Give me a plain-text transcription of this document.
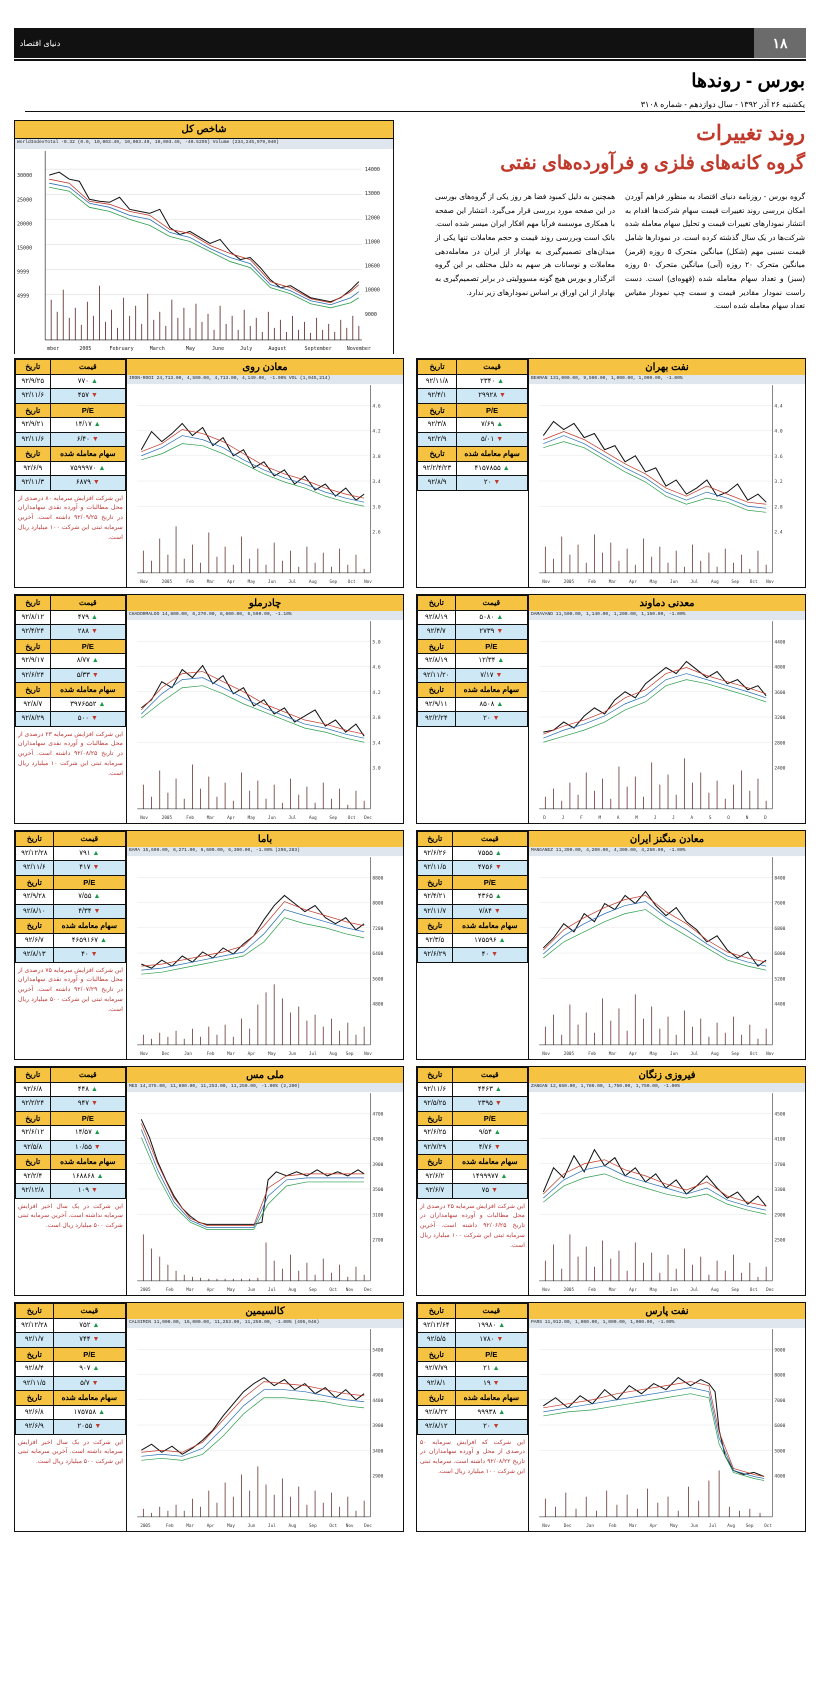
دنیای اقتصاد	۱۸
بورس - روندها
یکشنبه ۲۶ آذر ۱۳۹۲ - سال دوازدهم - شماره ۳۱۰۸
روند تغییرات
گروه کانه‌های فلزی و فرآورده‌های نفتی
گروه بورس - روزنامه دنیای اقتصاد به منظور فراهم آوردن امکان بررسی روند تغییرات قیمت سهام شرکت‌ها اقدام به انتشار نمودارهای تغییرات قیمت و تحلیل سهام معامله شده شرکت‌ها در یک سال گذشته کرده است. در نمودارها شامل قیمت نسبی مهم (شکل) میانگین متحرک ۵ روزه (قرمز) میانگین متحرک ۲۰ روزه (آبی) میانگین متحرک ۵۰ روزه (سبز) و تعداد سهام معامله شده (قهوه‌ای) است. دست راست نمودار مقادیر قیمت و سمت چپ نمودار مقیاس تعداد سهام معامله شده است.
همچنین به دلیل کمبود فضا هر روز یکی از گروه‌های بورسی در این صفحه مورد بررسی قرار می‌گیرد. انتشار این صفحه با همکاری موسسه فرآیا مهم افکار ایران میسر شده است. بانک است وبررسی روند قیمت و حجم معاملات تنها یکی از میدان‌های تصمیم‌گیری به بهادار از ایران در معامله‌دهی معاملات و نوسانات هر سهم به دلیل مختلف بر این گروه اثرگذار و بورس هیچ گونه مسوولیتی در برابر تصمیم‌گیری به بهادار از این اوراق بر اساس نمودارهای زیر ندارد.
شاخص کل
WorldIndexTotal -0.32 (0.0, 10,003.49, 10,003.49, 10,003.49, -40.5295) Volume (234,245,979,040)
30000
25000
20000
15000
9999
4999
14000
13000
12000
11000
10600
10000
9000
mber	2005	February	March	May	June	July	August	September	November
قیمت	تاریخ
▲ ۲۳۴۰	۹۲/۱۱/۸
▼ ۲۹۹۲۸	۹۲/۴/۱
P/E	تاریخ
▲ ۷/۶۹	۹۲/۳/۸
▼ ۵/۰۱	۹۲/۲/۹
سهام معامله شده	تاریخ
▲ ۴۱۵۷۸۵۵	۹۲/۲/۴/۲۳
▼ ۲۰	۹۲/۸/۹
نفت بهران
BEHRAN 131,000.00, 9,500.00, 1,000.00, 1,000.00, -1.00%
4.4
4.0
3.6
3.2
2.8
2.4
Nov	2005	Feb	Mar	Apr	May	Jun	Jul	Aug	Sep	Oct Nov
قیمت	تاریخ
▲ ۷۷۰	۹۲/۹/۲۵
▼ ۴۵۷	۹۲/۱۱/۶
P/E	تاریخ
▲ ۱۴/۱۷	۹۲/۹/۲۱
▼ ۶/۴۰	۹۲/۱۱/۶
سهام معامله شده	تاریخ
▲ ۷۵۹۹۹۷۰	۹۲/۶/۹
▼ ۶۸۷۹	۹۲/۱۱/۳
این شرکت افزایش سرمایه ۸۰ درصدی از محل مطالبات و آورده نقدی سهامداران در تاریخ ۹۲/۰۹/۲۵ داشته است. آخرین سرمایه ثبتی این شرکت ۱۰۰ میلیارد ریال است.
معادن روی
IRON-ROOI 24,713.00, 4,500.00, 4,713.00, 4,149.00, -1.00% VOL (1,045,214)
4.6
4.2
3.8
3.4
3.0
2.6
Nov	2005	Feb	Mar	Apr	May	Jun	Jul	Aug	Sep	Oct Nov
قیمت	تاریخ
▲ ۵۰۸۰	۹۲/۸/۱۹
▼ ۲۷۳۹	۹۲/۴/۷
P/E	تاریخ
▲ ۱۲/۳۴	۹۲/۸/۱۹
▼ ۷/۱۷	۹۲/۱۱/۲۰
سهام معامله شده	تاریخ
▲ ۸۵۰۸	۹۲/۹/۱۱
▼ ۲۰	۹۲/۲/۲۴
معدنی دماوند
DAMAVAND 11,500.00, 1,140.00, 1,200.00, 1,150.00, -1.00%
4400
4000
3600
3200
2800
2400
D	J	F	M	A	M	J	J	A	S	O	N	D
قیمت	تاریخ
▲ ۴۷۹	۹۲/۸/۱۲
▼ ۲۸۸	۹۲/۴/۲۴
P/E	تاریخ
▲ ۸/۷۷	۹۲/۹/۱۷
▼ ۵/۳۳	۹۲/۶/۲۴
سهام معامله شده	تاریخ
▲ ۳۹۷۶۵۵۲	۹۲/۸/۷
▼ ۵۰۰	۹۲/۸/۲۹
این شرکت افزایش سرمایه ۲۳ درصدی از محل مطالبات و آورده نقدی سهامداران در تاریخ ۹۲/۰۸/۲۵ داشته است. آخرین سرمایه ثبتی این شرکت ۱۰ میلیارد ریال است.
چادرملو
CHADORMALOO 14,800.00, 6,270.00, 6,600.00, 6,500.00, -1.10%
5.0
4.6
4.2
3.8
3.4
3.0
Nov	2005	Feb	Mar	Apr	May	Jun	Jul	Aug	Sep	Oct Dec
قیمت	تاریخ
▲ ۷۵۵۵	۹۲/۶/۲۶
▼ ۴۷۵۶	۹۲/۱۱/۵
P/E	تاریخ
▲ ۴۳۶۵	۹۲/۴/۲۱
▼ ۷/۸۴	۹۲/۱۱/۷
سهام معامله شده	تاریخ
▲ ۱۷۵۵۹۶	۹۲/۳/۵
▼ ۴۰	۹۲/۶/۲۹
معادن منگنز ایران
MANGANEZ 11,390.00, 4,200.00, 4,300.00, 4,250.00, -1.00%
8400
7600
6800
6000
5200
4400
Nov	2005	Feb	Mar	Apr	May	Jun	Jul	Aug	Sep	Oct Nov
قیمت	تاریخ
▲ ۷۹۱	۹۲/۱۲/۲۸
▼ ۴۱۷	۹۲/۱۱/۶
P/E	تاریخ
▲ ۷/۵۵	۹۲/۹/۲۸
▼ ۴/۳۴	۹۲/۸/۱۰
سهام معامله شده	تاریخ
▲ ۴۶۵۹۱۶۷	۹۲/۶/۷
▼ ۴۰	۹۲/۸/۱۳
این شرکت افزایش سرمایه ۷۵ درصدی از محل مطالبات و آورده نقدی سهامداران در تاریخ ۹۲/۰۷/۲۹ داشته است. آخرین سرمایه ثبتی این شرکت ۵۰۰ میلیارد ریال است.
باما
BAMA 15,600.00, 6,271.00, 6,600.00, 6,300.00, -1.00% (296,283)
8800
8000
7200
6400
5600
4800
Nov	Dec	Jan	Feb	Mar	Apr	May	Jun	Jul	Aug Sep	Nov
قیمت	تاریخ
▲ ۴۴۶۳	۹۲/۱۱/۶
▼ ۲۳۹۵	۹۲/۵/۲۵
P/E	تاریخ
▲ ۹/۵۴	۹۲/۶/۲۵
▼ ۴/۷۶	۹۲/۷/۲۹
سهام معامله شده	تاریخ
▲ ۱۴۹۹۹۷۷	۹۲/۶/۲
▼ ۷۵	۹۲/۶/۷
این شرکت افزایش سرمایه ۲۵ درصدی از محل مطالبات و آورده سهامداران در تاریخ ۹۲/۰۶/۲۵ داشته است. آخرین سرمایه ثبتی این شرکت ۱۰۰ میلیارد ریال است.
فیروزی زنگان
ZANGAN 12,650.00, 1,780.00, 1,750.00, 1,750.00, -1.00%
4500
4100
3700
3300
2900
2500
Nov	2005	Feb	Mar	Apr	May	Jun	Jul	Aug	Sep	Oct Dec
قیمت	تاریخ
▲ ۴۴۸	۹۲/۶/۸
▼ ۹۴۷	۹۲/۲/۲۴
P/E	تاریخ
▲ ۱۴/۵۷	۹۲/۶/۱۲
▼ ۱۰/۵۵	۹۲/۵/۸
سهام معامله شده	تاریخ
▲ ۱۶۸۸۶۸	۹۲/۲/۴
▼ ۱۰۹	۹۲/۱۲/۸
این شرکت در یک سال اخیر افزایش سرمایه نداشته است. آخرین سرمایه ثبتی شرکت ۵۰۰ میلیارد ریال است.
ملی مس
MES 14,375.00, 11,690.00, 11,253.00, 11,250.00, -1.00% (2,200)
4700
4300
3900
3500
3100
2700
2005	Feb	Mar	Apr	May	Jun	Jul	Aug	Sep	Oct Nov	Dec
قیمت	تاریخ
▲ ۱۹۹۸۰	۹۲/۱۲/۶۴
▼ ۱۷۸۰	۹۲/۵/۵
P/E	تاریخ
▲ ۲۱	۹۲/۷/۷۹
▼ ۱۹	۹۲/۸/۱
سهام معامله شده	تاریخ
▲ ۹۹۹۳۸	۹۲/۸/۲۲
▼ ۲۰	۹۲/۸/۱۲
این شرکت که افزایش سرمایه ۵۰ درصدی از محل و آورده سهامداران در تاریخ ۹۲/۰۸/۲۲ داشته است. سرمایه ثبتی این شرکت ۱۰۰ میلیارد ریال است.
نفت پارس
PARS 11,912.00, 1,000.00, 1,000.00, 1,000.00, -1.00%
9000
8000
7000
6000
5000
4000
Nov	Dec	Jan	Feb	Mar	Apr	May	Jun	Jul	Aug	Sep	Oct
قیمت	تاریخ
▲ ۷۵۲	۹۲/۱۲/۲۸
▼ ۷۴۴	۹۲/۱/۷
P/E	تاریخ
▲ ۹۰۷	۹۲/۸/۴
▼ ۵/۷	۹۲/۱۱/۵
سهام معامله شده	تاریخ
▲ ۱۷۵۷۵۸	۹۲/۶/۸
▼ ۲۰۵۵	۹۲/۶/۹
این شرکت در یک سال اخیر افزایش سرمایه داشته است. آخرین سرمایه ثبتی این شرکت ۵۰۰ میلیارد ریال است.
کالسیمین
CALSIMIN 11,000.00, 16,000.00, 11,253.00, 11,250.00, -1.00% (495,946)
5400
4900
4400
3900
3400
2900
2005	Feb	Mar	Apr	May	Jun	Jul	Aug	Sep	Oct Nov	Dec
